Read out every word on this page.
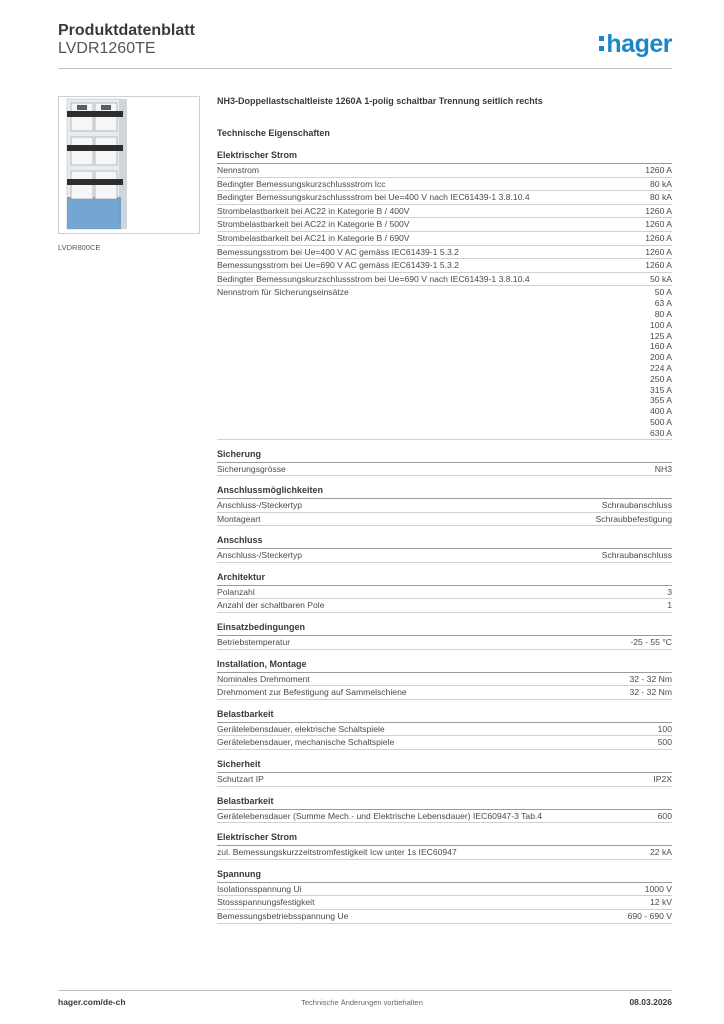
Produktdatenblatt
LVDR1260TE	hager
LVDR800CE
NH3-Doppellastschaltleiste 1260A 1-polig schaltbar Trennung seitlich rechts
Technische Eigenschaften
Elektrischer Strom
Nennstrom	1260 A
Bedingter Bemessungskurzschlussstrom Icc	80 kA
Bedingter Bemessungskurzschlussstrom bei Ue=400 V nach IEC61439-1 3.8.10.4	80 kA
Strombelastbarkeit bei AC22 in Kategorie B / 400V	1260 A
Strombelastbarkeit bei AC22 in Kategorie B / 500V	1260 A
Strombelastbarkeit bei AC21 in Kategorie B / 690V	1260 A
Bemessungsstrom bei Ue=400 V AC gemäss IEC61439-1 5.3.2	1260 A
Bemessungsstrom bei Ue=690 V AC gemäss IEC61439-1 5.3.2	1260 A
Bedingter Bemessungskurzschlussstrom bei Ue=690 V nach IEC61439-1 3.8.10.4	50 kA
Nennstrom für Sicherungseinsätze	50 A
63 A
80 A
100 A
125 A
160 A
200 A
224 A
250 A
315 A
355 A
400 A
500 A
630 A
Sicherung
Sicherungsgrösse	NH3
Anschlussmöglichkeiten
Anschluss-/Steckertyp	Schraubanschluss
Montageart	Schraubbefestigung
Anschluss
Anschluss-/Steckertyp	Schraubanschluss
Architektur
Polanzahl	3
Anzahl der schaltbaren Pole	1
Einsatzbedingungen
Betriebstemperatur	-25 - 55 °C
Installation, Montage
Nominales Drehmoment	32 - 32 Nm
Drehmoment zur Befestigung auf Sammelschiene	32 - 32 Nm
Belastbarkeit
Gerätelebensdauer, elektrische Schaltspiele	100
Gerätelebensdauer, mechanische Schaltspiele	500
Sicherheit
Schutzart IP	IP2X
Belastbarkeit
Gerätelebensdauer (Summe Mech.- und Elektrische Lebensdauer) IEC60947-3 Tab.4	600
Elektrischer Strom
zul. Bemessungskurzzeitstromfestigkeit Icw unter 1s IEC60947	22 kA
Spannung
Isolationsspannung Ui	1000 V
Stossspannungsfestigkeit	12 kV
Bemessungsbetriebsspannung Ue	690 - 690 V
hager.com/de-ch	Technische Änderungen vorbehalten	08.03.2026
